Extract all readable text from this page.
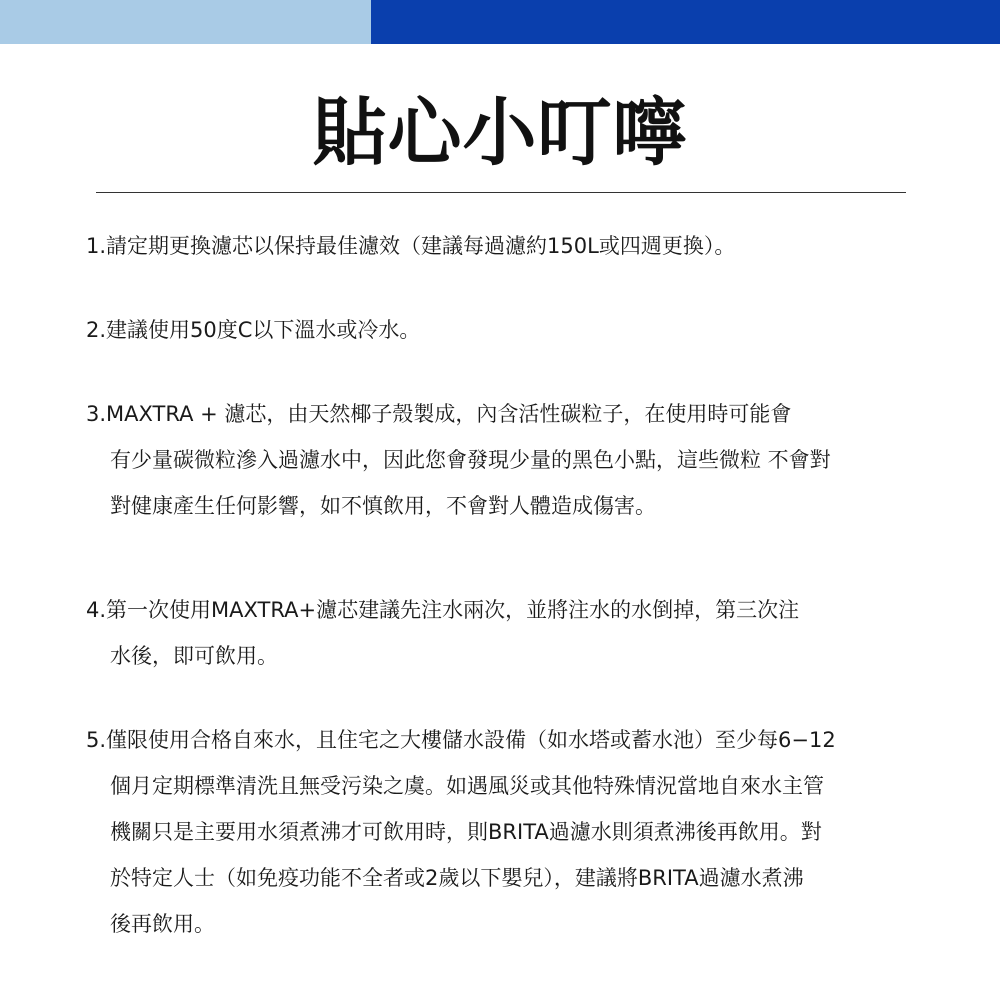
貼心小叮嚀
1.請定期更換濾芯以保持最佳濾效（建議每過濾約150L或四週更換）。
2.建議使用50度C以下溫水或冷水。
3.MAXTRA + 濾芯，由天然椰子殼製成，內含活性碳粒子，在使用時可能會
有少量碳微粒滲入過濾水中，因此您會發現少量的黑色小點，這些微粒 不會對
對健康產生任何影響，如不慎飲用，不會對人體造成傷害。
4.第一次使用MAXTRA+濾芯建議先注水兩次，並將注水的水倒掉，第三次注
水後，即可飲用。
5.僅限使用合格自來水，且住宅之大樓儲水設備（如水塔或蓄水池）至少每6−12
個月定期標準清洗且無受污染之虞。如遇風災或其他特殊情況當地自來水主管
機關只是主要用水須煮沸才可飲用時，則BRITA過濾水則須煮沸後再飲用。對
於特定人士（如免疫功能不全者或2歲以下嬰兒），建議將BRITA過濾水煮沸
後再飲用。
